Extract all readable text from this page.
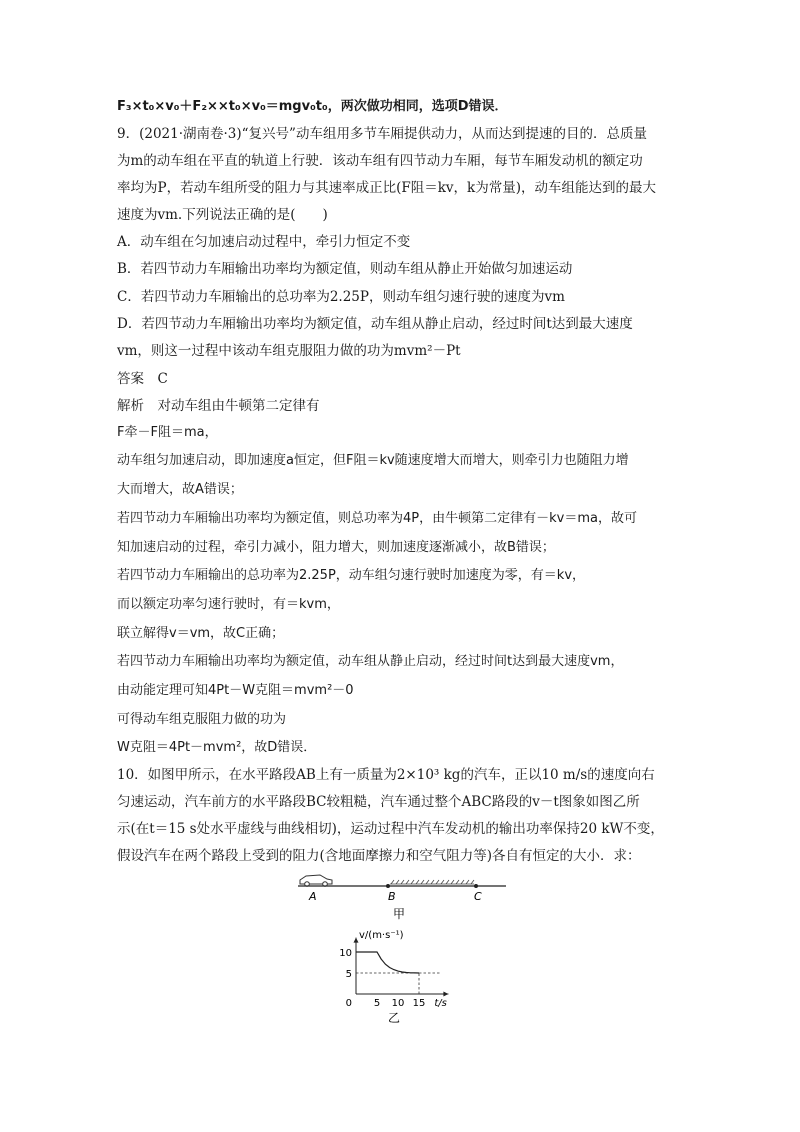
F₃×t₀×v₀＋F₂××t₀×v₀＝mgv₀t₀，两次做功相同，选项D错误．
9．(2021·湖南卷·3)“复兴号”动车组用多节车厢提供动力，从而达到提速的目的．总质量
为m的动车组在平直的轨道上行驶．该动车组有四节动力车厢，每节车厢发动机的额定功
率均为P，若动车组所受的阻力与其速率成正比(F阻＝kv，k为常量)，动车组能达到的最大
速度为vm.下列说法正确的是(　　)
A．动车组在匀加速启动过程中，牵引力恒定不变
B．若四节动力车厢输出功率均为额定值，则动车组从静止开始做匀加速运动
C．若四节动力车厢输出的总功率为2.25P，则动车组匀速行驶的速度为vm
D．若四节动力车厢输出功率均为额定值，动车组从静止启动，经过时间t达到最大速度
vm，则这一过程中该动车组克服阻力做的功为mvm²－Pt
答案　C
解析　对动车组由牛顿第二定律有
F牵－F阻＝ma，
动车组匀加速启动，即加速度a恒定，但F阻＝kv随速度增大而增大，则牵引力也随阻力增
大而增大，故A错误；
若四节动力车厢输出功率均为额定值，则总功率为4P，由牛顿第二定律有－kv＝ma，故可
知加速启动的过程，牵引力减小，阻力增大，则加速度逐渐减小，故B错误；
若四节动力车厢输出的总功率为2.25P，动车组匀速行驶时加速度为零，有＝kv，
而以额定功率匀速行驶时，有＝kvm，
联立解得v＝vm，故C正确；
若四节动力车厢输出功率均为额定值，动车组从静止启动，经过时间t达到最大速度vm，
由动能定理可知4Pt－W克阻＝mvm²－0
可得动车组克服阻力做的功为
W克阻＝4Pt－mvm²，故D错误．
10．如图甲所示，在水平路段AB上有一质量为2×10³ kg的汽车，正以10 m/s的速度向右
匀速运动，汽车前方的水平路段BC较粗糙，汽车通过整个ABC路段的v－t图象如图乙所
示(在t＝15 s处水平虚线与曲线相切)，运动过程中汽车发动机的输出功率保持20 kW不变，
假设汽车在两个路段上受到的阻力(含地面摩擦力和空气阻力等)各自有恒定的大小．求：
A	B	C
甲
10
5
5 10 15
0
v/(m·s⁻¹)
t/s
乙
